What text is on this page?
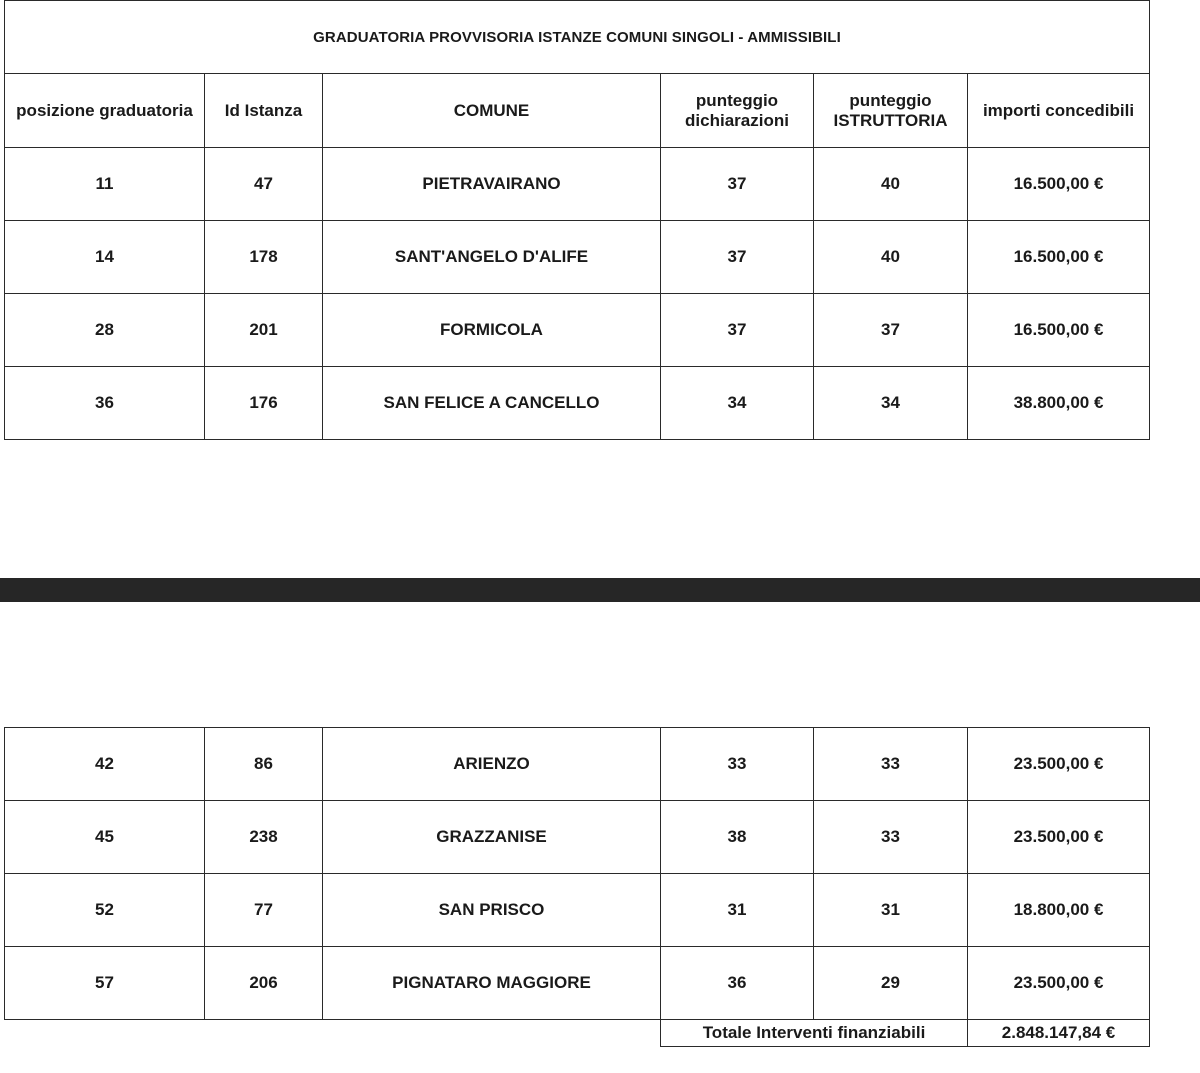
GRADUATORIA PROVVISORIA ISTANZE COMUNI SINGOLI - AMMISSIBILI					
posizione graduatoria	Id Istanza	COMUNE	punteggio dichiarazioni	punteggio ISTRUTTORIA	importi concedibili
11	47	PIETRAVAIRANO	37	40	16.500,00 €
14	178	SANT'ANGELO D'ALIFE	37	40	16.500,00 €
28	201	FORMICOLA	37	37	16.500,00 €
36	176	SAN FELICE A CANCELLO	34	34	38.800,00 €
42	86	ARIENZO	33	33	23.500,00 €
45	238	GRAZZANISE	38	33	23.500,00 €
52	77	SAN PRISCO	31	31	18.800,00 €
57	206	PIGNATARO MAGGIORE	36	29	23.500,00 €
			Totale Interventi finanziabili		2.848.147,84 €
